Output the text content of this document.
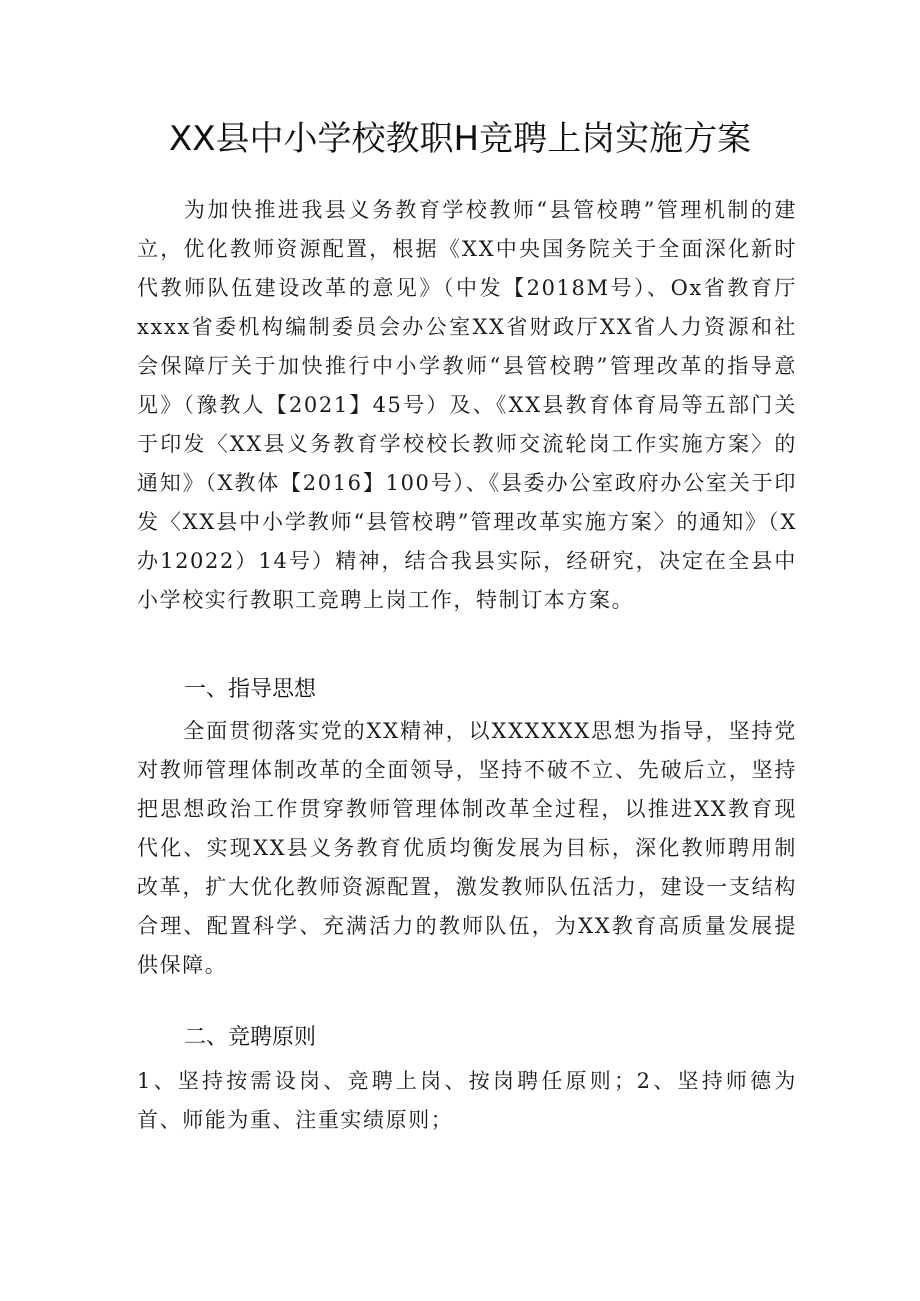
XX县中小学校教职H竞聘上岗实施方案

为加快推进我县义务教育学校教师“县管校聘”管理机制的建立，优化教师资源配置，根据《XX中央国务院关于全面深化新时代教师队伍建设改革的意见》（中发【2018M号）、Ox省教育厅xxxx省委机构编制委员会办公室XX省财政厅XX省人力资源和社会保障厅关于加快推行中小学教师“县管校聘”管理改革的指导意见》（豫教人【2021】45号）及、《XX县教育体育局等五部门关于印发〈XX县义务教育学校校长教师交流轮岗工作实施方案〉的通知》（X教体【2016】100号）、《县委办公室政府办公室关于印发〈XX县中小学教师“县管校聘”管理改革实施方案〉的通知》（X办12022）14号）精神，结合我县实际，经研究，决定在全县中小学校实行教职工竞聘上岗工作，特制订本方案。

一、指导思想

全面贯彻落实党的XX精神，以XXXXXX思想为指导，坚持党对教师管理体制改革的全面领导，坚持不破不立、先破后立，坚持把思想政治工作贯穿教师管理体制改革全过程，以推进XX教育现代化、实现XX县义务教育优质均衡发展为目标，深化教师聘用制改革，扩大优化教师资源配置，激发教师队伍活力，建设一支结构合理、配置科学、充满活力的教师队伍，为XX教育高质量发展提供保障。

二、竞聘原则

1、坚持按需设岗、竞聘上岗、按岗聘任原则；2、坚持师德为首、师能为重、注重实绩原则；
